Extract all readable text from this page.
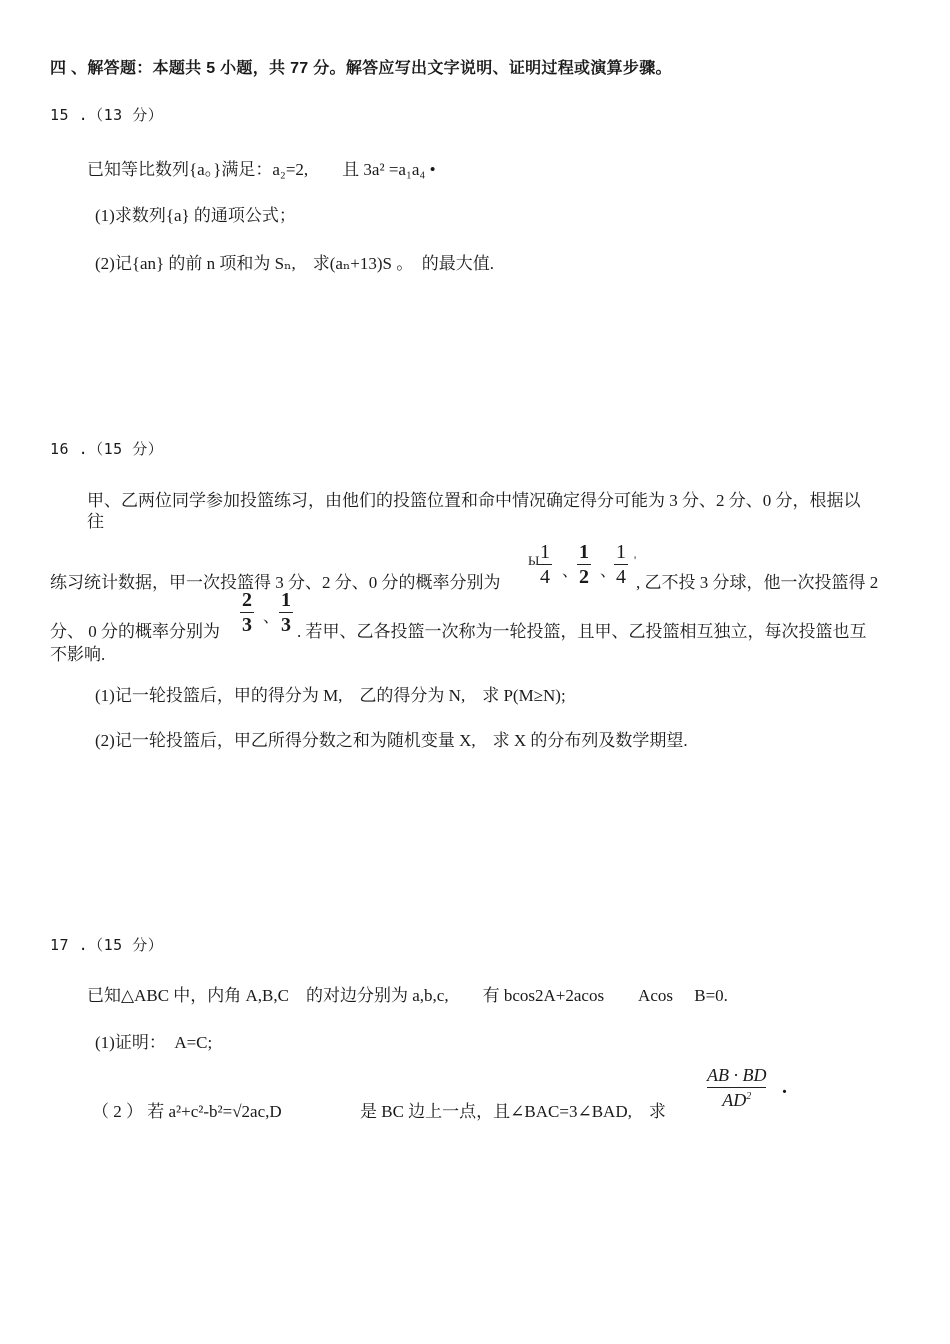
四 、解答题：本题共 5 小题，共 77 分。解答应写出文字说明、证明过程或演算步骤。
15 .（13 分）
已知等比数列{a。}满足：a₂=2,　　且 3a² =a₁a₄ •
(1)求数列{a} 的通项公式；
(2)记{an} 的前 n 项和为 Sₙ,　求(aₙ+13)S 。　的最大值.
16 .（15 分）
甲、乙两位同学参加投篮练习，由他们的投篮位置和命中情况确定得分可能为 3 分、2 分、0 分，根据以
往
练习统计数据，甲一次投篮得 3 分、2 分、0 分的概率分别为
Ы 1
4 、
1
2 、
1
4
'
, 乙不投 3 分球，他一次投篮得 2
分、 0 分的概率分别为
2
3 、
1
3 . 若甲、乙各投篮一次称为一轮投篮，且甲、乙投篮相互独立，每次投篮也互
不影响.
(1)记一轮投篮后，甲的得分为 M,　乙的得分为 N,　求 P(M≥N);
(2)记一轮投篮后，甲乙所得分数之和为随机变量 X,　求 X 的分布列及数学期望.
17 .（15 分）
已知△ABC 中，内角 A,B,C　的对边分别为 a,b,c,　　有 bcos2A+2acos　　Acos　 B=0.
(1)证明：　A=C;
（ 2 ） 若 a²+c²-b²=√2ac,D	是 BC 边上一点，且∠BAC=3∠BAD,　求
AB · BD
$AD^2$ .
